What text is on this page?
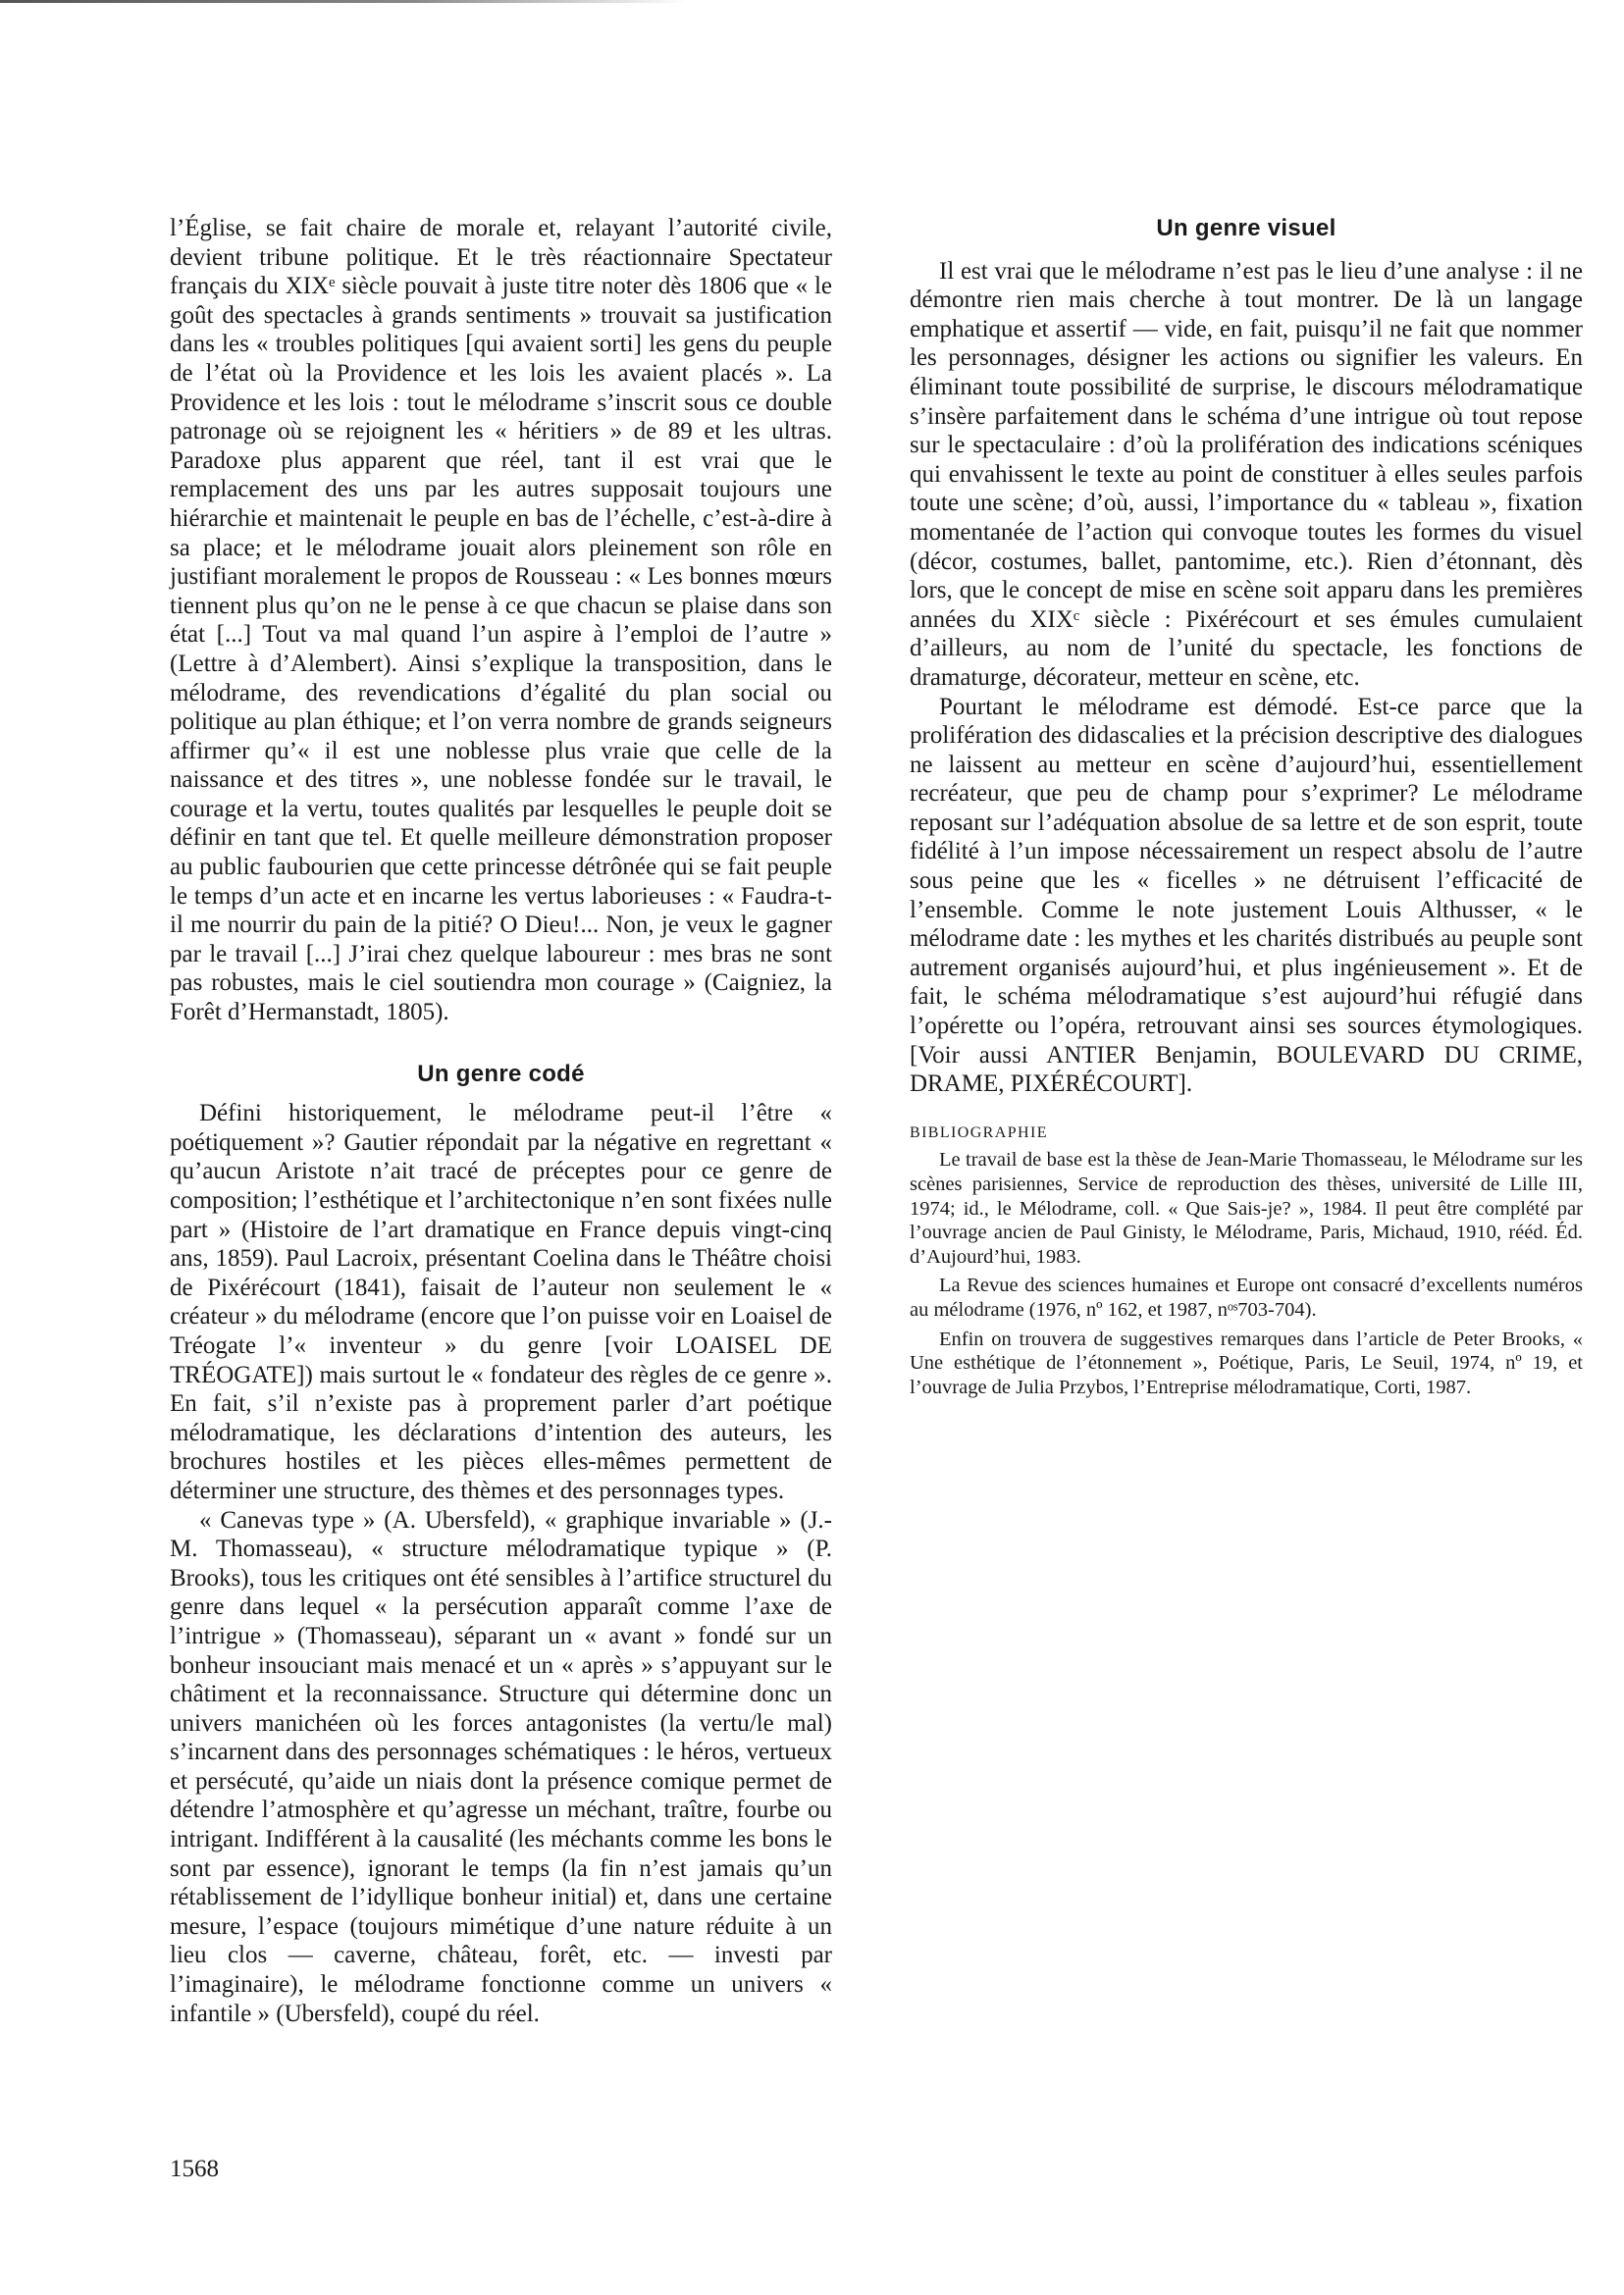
l’Église, se fait chaire de morale et, relayant l’autorité civile, devient tribune politique. Et le très réactionnaire Spectateur français du XIXᵉ siècle pouvait à juste titre noter dès 1806 que « le goût des spectacles à grands sentiments » trouvait sa justification dans les « troubles politiques [qui avaient sorti] les gens du peuple de l’état où la Providence et les lois les avaient placés ». La Providence et les lois : tout le mélodrame s’inscrit sous ce double patronage où se rejoignent les « héritiers » de 89 et les ultras. Paradoxe plus apparent que réel, tant il est vrai que le remplacement des uns par les autres supposait toujours une hiérarchie et maintenait le peuple en bas de l’échelle, c’est-à-dire à sa place; et le mélodrame jouait alors pleinement son rôle en justifiant moralement le propos de Rousseau : « Les bonnes mœurs tiennent plus qu’on ne le pense à ce que chacun se plaise dans son état [...] Tout va mal quand l’un aspire à l’emploi de l’autre » (Lettre à d’Alembert). Ainsi s’explique la transposition, dans le mélodrame, des revendications d’égalité du plan social ou politique au plan éthique; et l’on verra nombre de grands seigneurs affirmer qu’« il est une noblesse plus vraie que celle de la naissance et des titres », une noblesse fondée sur le travail, le courage et la vertu, toutes qualités par lesquelles le peuple doit se définir en tant que tel. Et quelle meilleure démonstration proposer au public faubourien que cette princesse détrônée qui se fait peuple le temps d’un acte et en incarne les vertus laborieuses : « Faudra-t-il me nourrir du pain de la pitié? O Dieu!... Non, je veux le gagner par le travail [...] J’irai chez quelque laboureur : mes bras ne sont pas robustes, mais le ciel soutiendra mon courage » (Caigniez, la Forêt d’Hermanstadt, 1805).

Un genre codé

Défini historiquement, le mélodrame peut-il l’être « poétiquement »? Gautier répondait par la négative en regrettant « qu’aucun Aristote n’ait tracé de préceptes pour ce genre de composition; l’esthétique et l’architectonique n’en sont fixées nulle part » (Histoire de l’art dramatique en France depuis vingt-cinq ans, 1859). Paul Lacroix, présentant Coelina dans le Théâtre choisi de Pixérécourt (1841), faisait de l’auteur non seulement le « créateur » du mélodrame (encore que l’on puisse voir en Loaisel de Tréogate l’« inventeur » du genre [voir LOAISEL DE TRÉOGATE]) mais surtout le « fondateur des règles de ce genre ». En fait, s’il n’existe pas à proprement parler d’art poétique mélodramatique, les déclarations d’intention des auteurs, les brochures hostiles et les pièces elles-mêmes permettent de déterminer une structure, des thèmes et des personnages types.

« Canevas type » (A. Ubersfeld), « graphique invariable » (J.-M. Thomasseau), « structure mélodramatique typique » (P. Brooks), tous les critiques ont été sensibles à l’artifice structurel du genre dans lequel « la persécution apparaît comme l’axe de l’intrigue » (Thomasseau), séparant un « avant » fondé sur un bonheur insouciant mais menacé et un « après » s’appuyant sur le châtiment et la reconnaissance. Structure qui détermine donc un univers manichéen où les forces antagonistes (la vertu/le mal) s’incarnent dans des personnages schématiques : le héros, vertueux et persécuté, qu’aide un niais dont la présence comique permet de détendre l’atmosphère et qu’agresse un méchant, traître, fourbe ou intrigant. Indifférent à la causalité (les méchants comme les bons le sont par essence), ignorant le temps (la fin n’est jamais qu’un rétablissement de l’idyllique bonheur initial) et, dans une certaine mesure, l’espace (toujours mimétique d’une nature réduite à un lieu clos — caverne, château, forêt, etc. — investi par l’imaginaire), le mélodrame fonctionne comme un univers « infantile » (Ubersfeld), coupé du réel.

Un genre visuel

Il est vrai que le mélodrame n’est pas le lieu d’une analyse : il ne démontre rien mais cherche à tout montrer. De là un langage emphatique et assertif — vide, en fait, puisqu’il ne fait que nommer les personnages, désigner les actions ou signifier les valeurs. En éliminant toute possibilité de surprise, le discours mélodramatique s’insère parfaitement dans le schéma d’une intrigue où tout repose sur le spectaculaire : d’où la prolifération des indications scéniques qui envahissent le texte au point de constituer à elles seules parfois toute une scène; d’où, aussi, l’importance du « tableau », fixation momentanée de l’action qui convoque toutes les formes du visuel (décor, costumes, ballet, pantomime, etc.). Rien d’étonnant, dès lors, que le concept de mise en scène soit apparu dans les premières années du XIXᶜ siècle : Pixérécourt et ses émules cumulaient d’ailleurs, au nom de l’unité du spectacle, les fonctions de dramaturge, décorateur, metteur en scène, etc.

Pourtant le mélodrame est démodé. Est-ce parce que la prolifération des didascalies et la précision descriptive des dialogues ne laissent au metteur en scène d’aujourd’hui, essentiellement recréateur, que peu de champ pour s’exprimer? Le mélodrame reposant sur l’adéquation absolue de sa lettre et de son esprit, toute fidélité à l’un impose nécessairement un respect absolu de l’autre sous peine que les « ficelles » ne détruisent l’efficacité de l’ensemble. Comme le note justement Louis Althusser, « le mélodrame date : les mythes et les charités distribués au peuple sont autrement organisés aujourd’hui, et plus ingénieusement ». Et de fait, le schéma mélodramatique s’est aujourd’hui réfugié dans l’opérette ou l’opéra, retrouvant ainsi ses sources étymologiques. [Voir aussi ANTIER Benjamin, BOULEVARD DU CRIME, DRAME, PIXÉRÉCOURT].

BIBLIOGRAPHIE

Le travail de base est la thèse de Jean-Marie Thomasseau, le Mélodrame sur les scènes parisiennes, Service de reproduction des thèses, université de Lille III, 1974; id., le Mélodrame, coll. « Que Sais-je? », 1984. Il peut être complété par l’ouvrage ancien de Paul Ginisty, le Mélodrame, Paris, Michaud, 1910, rééd. Éd. d’Aujourd’hui, 1983.

La Revue des sciences humaines et Europe ont consacré d’excellents numéros au mélodrame (1976, nº 162, et 1987, nᵒˢ703-704).

Enfin on trouvera de suggestives remarques dans l’article de Peter Brooks, « Une esthétique de l’étonnement », Poétique, Paris, Le Seuil, 1974, nº 19, et l’ouvrage de Julia Przybos, l’Entreprise mélodramatique, Corti, 1987.

1568
